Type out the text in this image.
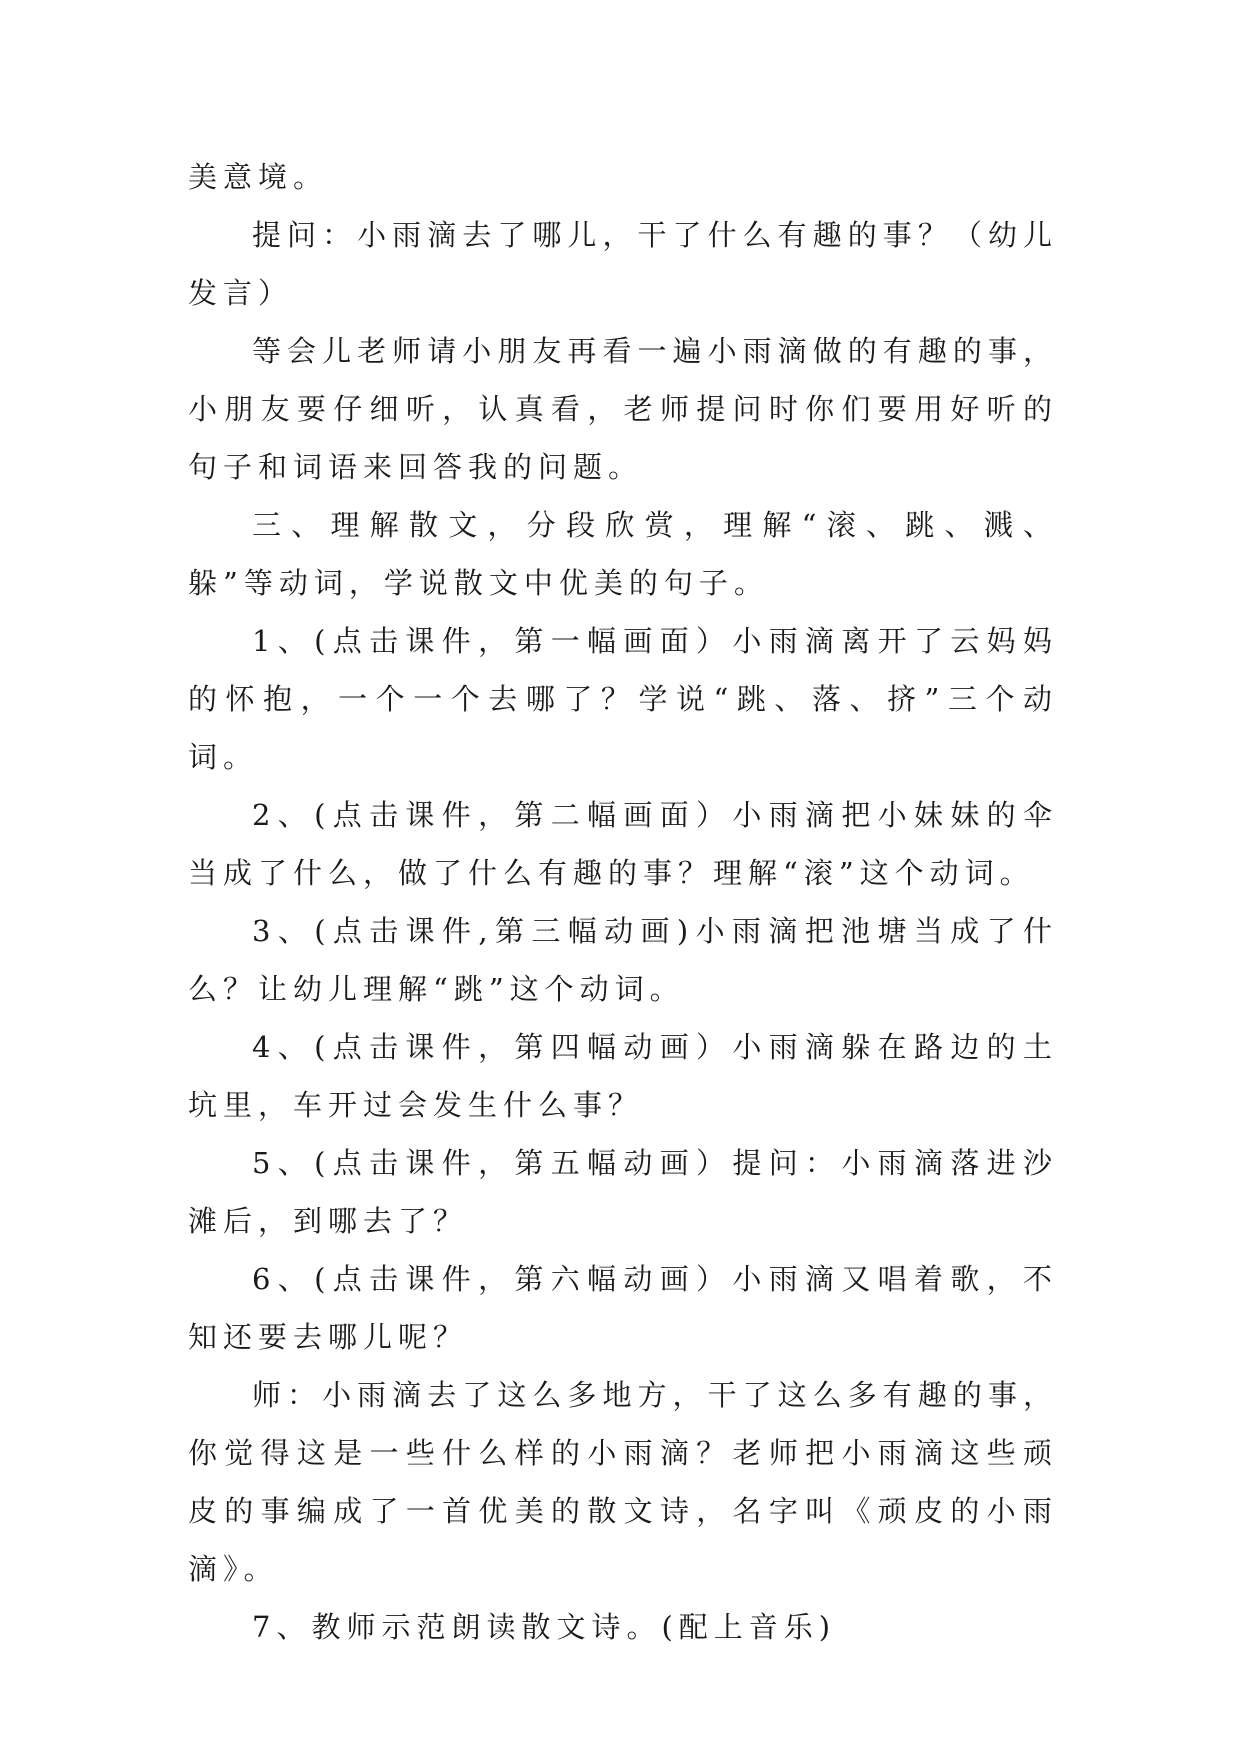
美意境。

提问：小雨滴去了哪儿，干了什么有趣的事？（幼儿发言）

等会儿老师请小朋友再看一遍小雨滴做的有趣的事，小朋友要仔细听，认真看，老师提问时你们要用好听的句子和词语来回答我的问题。

三、理解散文，分段欣赏，理解“滚、跳、溅、躲”等动词，学说散文中优美的句子。

1、(点击课件，第一幅画面）小雨滴离开了云妈妈的怀抱，一个一个去哪了？学说“跳、落、挤”三个动词。

2、(点击课件，第二幅画面）小雨滴把小妹妹的伞当成了什么，做了什么有趣的事？理解“滚”这个动词。

3、(点击课件,第三幅动画)小雨滴把池塘当成了什么？让幼儿理解“跳”这个动词。

4、(点击课件，第四幅动画）小雨滴躲在路边的土坑里，车开过会发生什么事？

5、(点击课件，第五幅动画）提问：小雨滴落进沙滩后，到哪去了？

6、(点击课件，第六幅动画）小雨滴又唱着歌，不知还要去哪儿呢？

师：小雨滴去了这么多地方，干了这么多有趣的事，你觉得这是一些什么样的小雨滴？老师把小雨滴这些顽皮的事编成了一首优美的散文诗，名字叫《顽皮的小雨滴》。

7、教师示范朗读散文诗。(配上音乐)
